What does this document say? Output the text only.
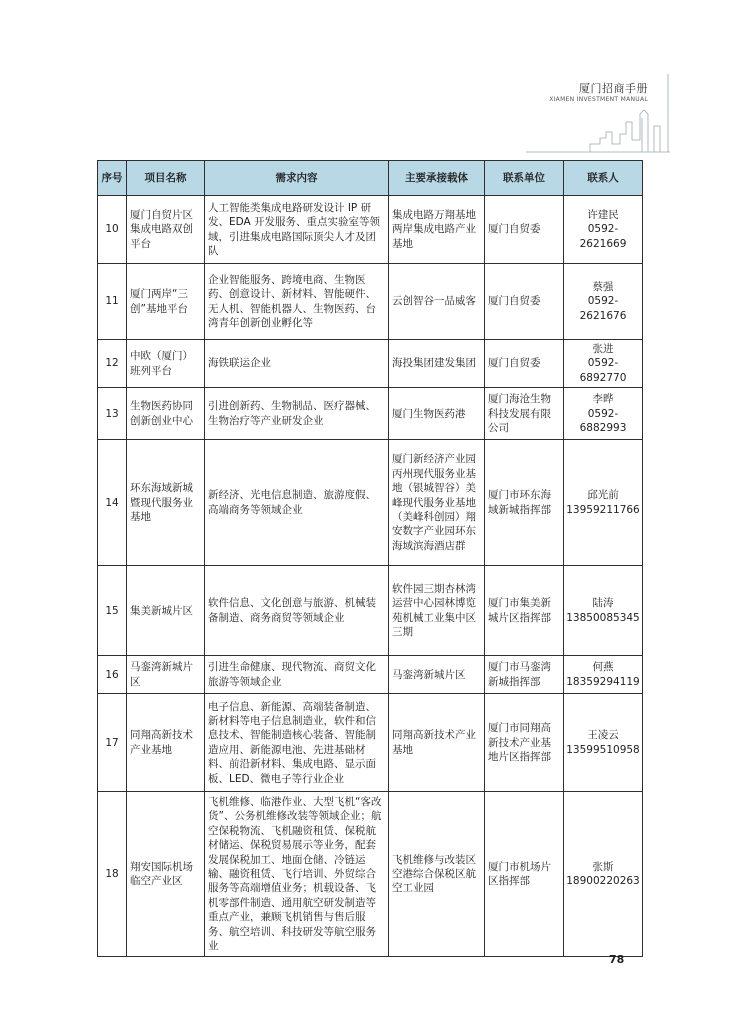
厦门招商手册
XIAMEN INVESTMENT MANUAL
序号	项目名称	需求内容	主要承接载体	联系单位	联系人
10	厦门自贸片区集成电路双创平台	人工智能类集成电路研发设计 IP 研发、EDA 开发服务、重点实验室等领域，引进集成电路国际顶尖人才及团队	集成电路万翔基地两岸集成电路产业基地	厦门自贸委	许建民
0592-2621669

11	厦门两岸“三创”基地平台	企业智能服务、跨境电商、生物医药、创意设计、新材料、智能硬件、无人机、智能机器人、生物医药、台湾青年创新创业孵化等	云创智谷一品威客	厦门自贸委	蔡强
0592-2621676

12	中欧（厦门）班列平台	海铁联运企业	海投集团建发集团	厦门自贸委	张进
0592-6892770

13	生物医药协同创新创业中心	引进创新药、生物制品、医疗器械、生物治疗等产业研发企业	厦门生物医药港	厦门海沧生物科技发展有限公司	李晔
0592-6882993

14	环东海域新城暨现代服务业基地	新经济、光电信息制造、旅游度假、高端商务等领域企业	厦门新经济产业园丙州现代服务业基地（银城智谷）美峰现代服务业基地（美峰科创园）翔安数字产业园环东海域滨海酒店群	厦门市环东海域新城指挥部	邱光前
13959211766

15	集美新城片区	软件信息、文化创意与旅游、机械装备制造、商务商贸等领域企业	软件园三期杏林湾运营中心园林博览苑机械工业集中区三期	厦门市集美新城片区指挥部	陆涛
13850085345

16	马銮湾新城片区	引进生命健康、现代物流、商贸文化旅游等领域企业	马銮湾新城片区	厦门市马銮湾新城指挥部	何燕
18359294119

17	同翔高新技术产业基地	电子信息、新能源、高端装备制造、新材料等电子信息制造业，软件和信息技术、智能制造核心装备、智能制造应用、新能源电池、先进基础材料、前沿新材料、集成电路、显示面板、LED、微电子等行业企业	同翔高新技术产业基地	厦门市同翔高新技术产业基地片区指挥部	王凌云
13599510958

18	翔安国际机场临空产业区	飞机维修、临港作业、大型飞机“客改货”、公务机维修改装等领域企业；航空保税物流、飞机融资租赁、保税航材储运、保税贸易展示等业务，配套发展保税加工、地面仓储、冷链运输、融资租赁、飞行培训、外贸综合服务等高端增值业务；机载设备、飞机零部件制造、通用航空研发制造等重点产业，兼顾飞机销售与售后服务、航空培训、科技研发等航空服务业	飞机维修与改装区空港综合保税区航空工业园	厦门市机场片区指挥部	张斯
18900220263
78
